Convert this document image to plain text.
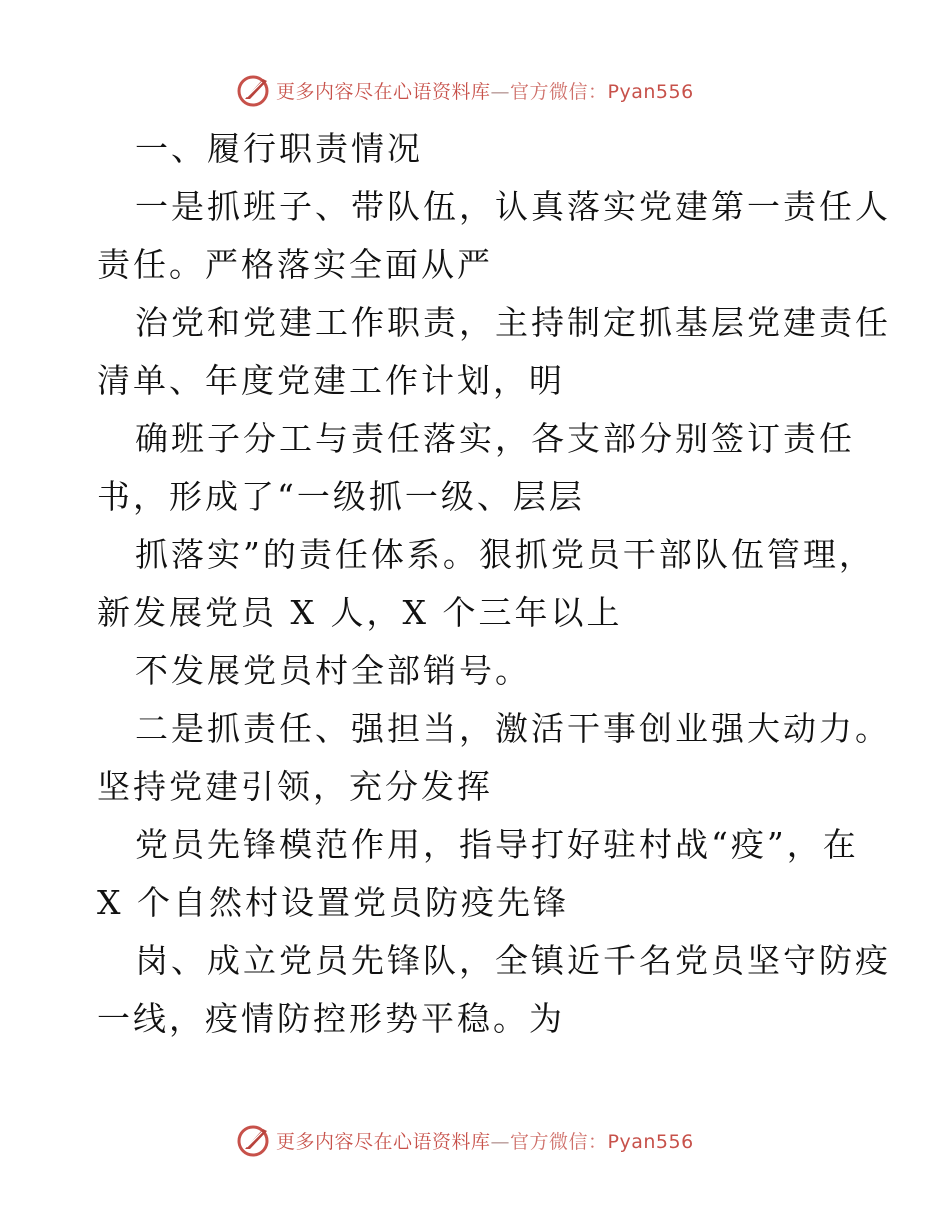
更多内容尽在心语资料库—官方微信：Pyan556
一、履行职责情况
一是抓班子、带队伍，认真落实党建第一责任人
责任。严格落实全面从严
治党和党建工作职责，主持制定抓基层党建责任
清单、年度党建工作计划，明
确班子分工与责任落实，各支部分别签订责任
书，形成了“一级抓一级、层层
抓落实”的责任体系。狠抓党员干部队伍管理，
新发展党员 X 人，X 个三年以上
不发展党员村全部销号。
二是抓责任、强担当，激活干事创业强大动力。
坚持党建引领，充分发挥
党员先锋模范作用，指导打好驻村战“疫”，在
X 个自然村设置党员防疫先锋
岗、成立党员先锋队，全镇近千名党员坚守防疫
一线，疫情防控形势平稳。为
更多内容尽在心语资料库—官方微信：Pyan556
